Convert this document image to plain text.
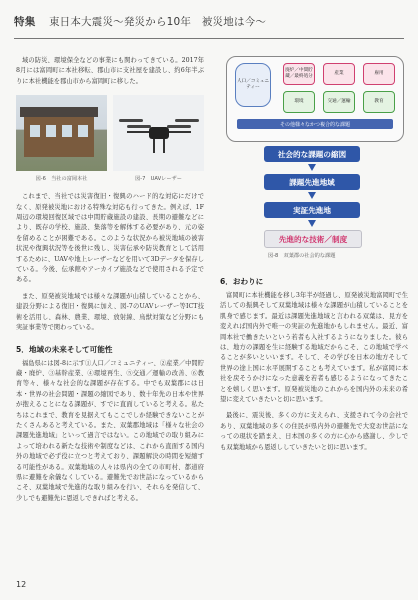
特集 東日本大震災〜発災から10年　被災地は今〜

域の防災、環境保全などの事業にも関わってきている。2017年8月には富岡町に本社移転、郡山市に支社屋を建設し、約6年半ぶりに本社機能を郡山市から富岡町に移した。

図-6　当社の富岡本社	図-7　UAVレーザー

これまで、当社では災害復旧・復興のハード的な対応にだけでなく、原発被災地における特殊な対応も行ってきた。例えば、1F周辺の環境回復区域では中間貯蔵施設の建設、長期の避難などにより、既存の学校、施設、集落等を解体する必要があり、元の姿を留めることが困難である。このような状況から被災地域の被害状況や復興状況等を後世に残し、災害伝承や防災教育として活用するために、UAVや地上レーザーなどを用いて3Dデータを保存している。今後、伝承館やアーカイブ施設などで使用される予定である。

また、原発被災地域では様々な課題が山積していることから、建設分野による復旧・復興に加え、図-7のUAVレーザー等ICT技術を活用し、森林、農業、環境、放射線、鳥獣対策など分野にも実証事業等で関わっている。

5．地域の未来そして可能性

福島県には図-8に示す①人口／コミュニティー、②産業／中間貯蔵・廃炉、③基幹産業、④環境再生、⑤交通／運輸の改善、⑥教育等々、様々な社会的な課題が存在する。中でも双葉郡には日本・世界の社会問題・課題の縮図であり、数十年先の日本や世界が抱えることになる課題が、すでに直面していると考える。私たちはこれまで、教育を見据えてもここでしか経験できないことがたくさんあると考えている。また、双葉郡地域は「様々な社会の課題先進地域」といって過言ではない。この地域での取り組みによって培われる新たな技術や制度などは、これから直面する国内外の地域で必ず役に立つと考えており、課題解決の時間を短縮する可能性がある。双葉地域の人々は県内の全ての市町村、都道府県に避難を余儀なくしている。避難先でお世話になっているからこそ、双葉地域で先進的な取り組みを行い、それらを発信して、少しでも避難先に恩返しできればと考える。

人口／コミュニティー
廃炉／中間貯蔵／最終処分
産業	雇用
環境	交通／運輸	教育
その他様々なかつ複合的な課題
社会的な課題の縮図
課題先進地域
実証先進地
先進的な技術／制度
図-8　双葉郡の社会的な課題
6．おわりに

富岡町に本社機能を移し3年半が経過し、原発被災地富岡町で生活しての振興そして双葉地域は様々な課題が山積していることを肌身で感じます。最近は課題先進地域と言われる双葉は、見方を変えれば国内外で唯一の実証の先進地かもしれません。最近、富岡本社で働きたいという若者も入社するようになりました。彼らは、地方の課題を生に経験する地域だからこそ、この地域で学べることが多いといいます。そして、その学びを日本の地方そして世界の途上国に水平展開することも考えています。私が富岡に本社を戻そうかけになった意義を若者も感じるようになってきたことを嬉しく思います。原発被災地のこれからを国内外の未来の希望に変えていきたいと切に思います。

最後に、震災後、多くの方に支えられ、支援されて今の会社であり、双葉地域の多くの住民が県内外の避難先で大変お世話になっての現状を踏まえ、日本国の多くの方に心から感謝し、少しでも双葉地域から恩返ししていきたいと切に思います。

12
